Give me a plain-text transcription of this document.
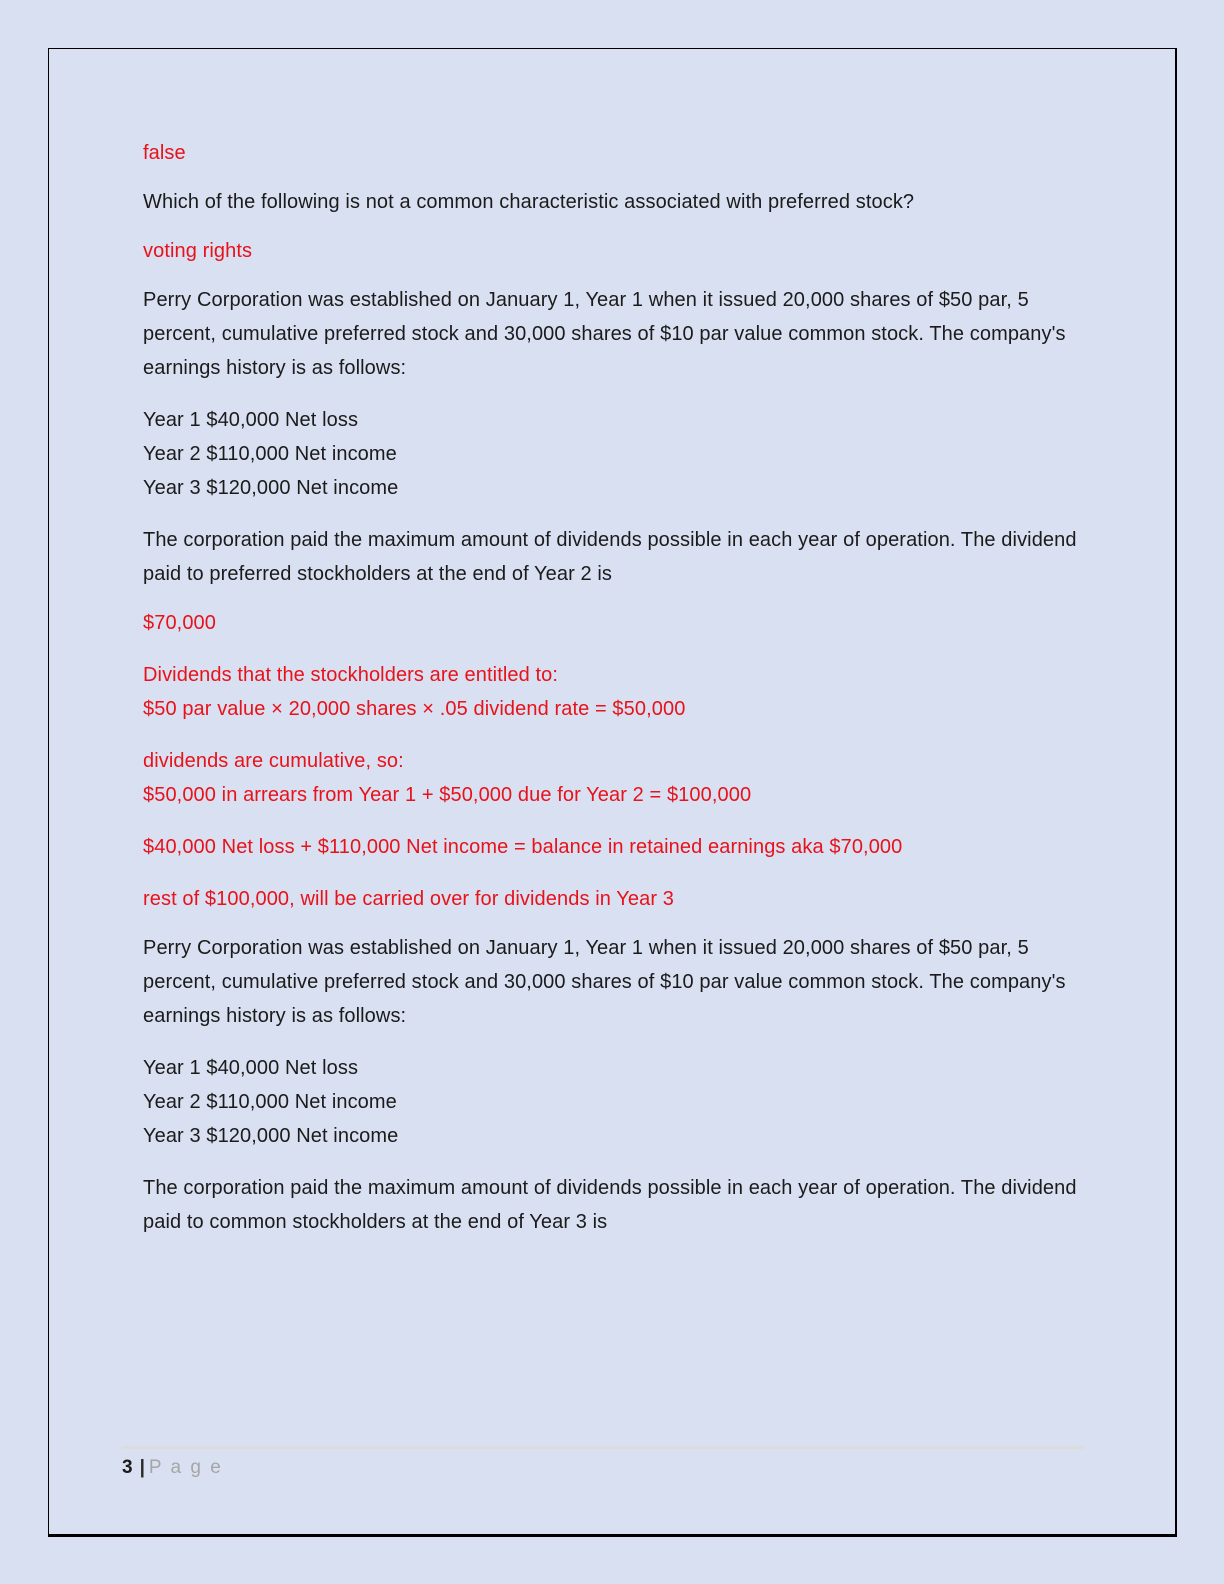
false

Which of the following is not a common characteristic associated with preferred stock?

voting rights

Perry Corporation was established on January 1, Year 1 when it issued 20,000 shares of $50 par, 5 percent, cumulative preferred stock and 30,000 shares of $10 par value common stock. The company's earnings history is as follows:

Year 1 $40,000 Net loss
Year 2 $110,000 Net income
Year 3 $120,000 Net income

The corporation paid the maximum amount of dividends possible in each year of operation. The dividend paid to preferred stockholders at the end of Year 2 is

$70,000

Dividends that the stockholders are entitled to:
$50 par value × 20,000 shares × .05 dividend rate = $50,000

dividends are cumulative, so:
$50,000 in arrears from Year 1 + $50,000 due for Year 2 = $100,000

$40,000 Net loss + $110,000 Net income = balance in retained earnings aka $70,000

rest of $100,000, will be carried over for dividends in Year 3

Perry Corporation was established on January 1, Year 1 when it issued 20,000 shares of $50 par, 5 percent, cumulative preferred stock and 30,000 shares of $10 par value common stock. The company's earnings history is as follows:

Year 1 $40,000 Net loss
Year 2 $110,000 Net income
Year 3 $120,000 Net income

The corporation paid the maximum amount of dividends possible in each year of operation. The dividend paid to common stockholders at the end of Year 3 is

3 | P a g e
